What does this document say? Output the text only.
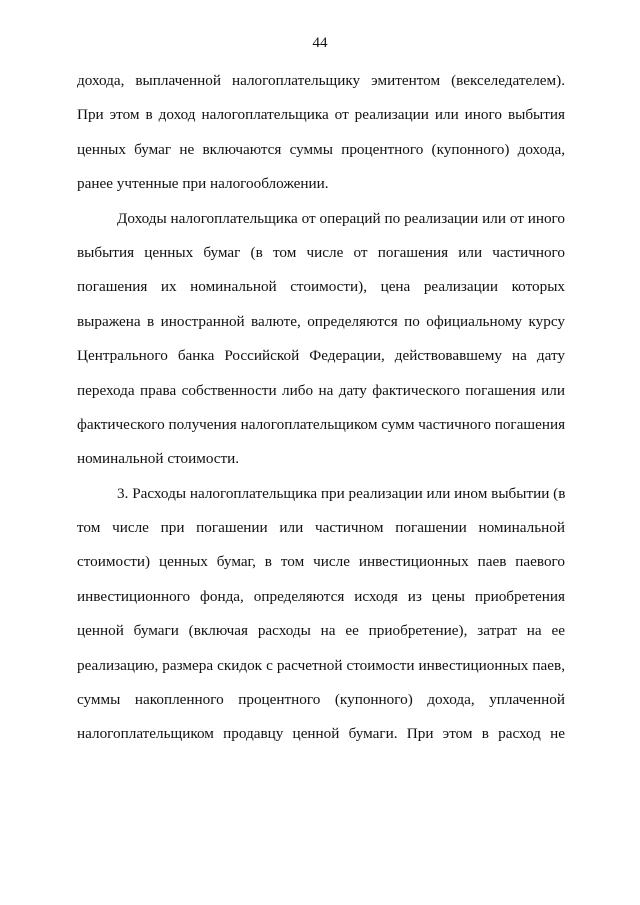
44
дохода, выплаченной налогоплательщику эмитентом (векселедателем).
При этом в доход налогоплательщика от реализации или иного выбытия
ценных бумаг не включаются суммы процентного (купонного) дохода,
ранее учтенные при налогообложении.
Доходы налогоплательщика от операций по реализации или от иного
выбытия ценных бумаг (в том числе от погашения или частичного
погашения их номинальной стоимости), цена реализации которых
выражена в иностранной валюте, определяются по официальному курсу
Центрального банка Российской Федерации, действовавшему на дату
перехода права собственности либо на дату фактического погашения или
фактического получения налогоплательщиком сумм частичного погашения
номинальной стоимости.
3. Расходы налогоплательщика при реализации или ином выбытии (в
том числе при погашении или частичном погашении номинальной
стоимости) ценных бумаг, в том числе инвестиционных паев паевого
инвестиционного фонда, определяются исходя из цены приобретения
ценной бумаги (включая расходы на ее приобретение), затрат на ее
реализацию, размера скидок с расчетной стоимости инвестиционных паев,
суммы накопленного процентного (купонного) дохода, уплаченной
налогоплательщиком продавцу ценной бумаги. При этом в расход не
